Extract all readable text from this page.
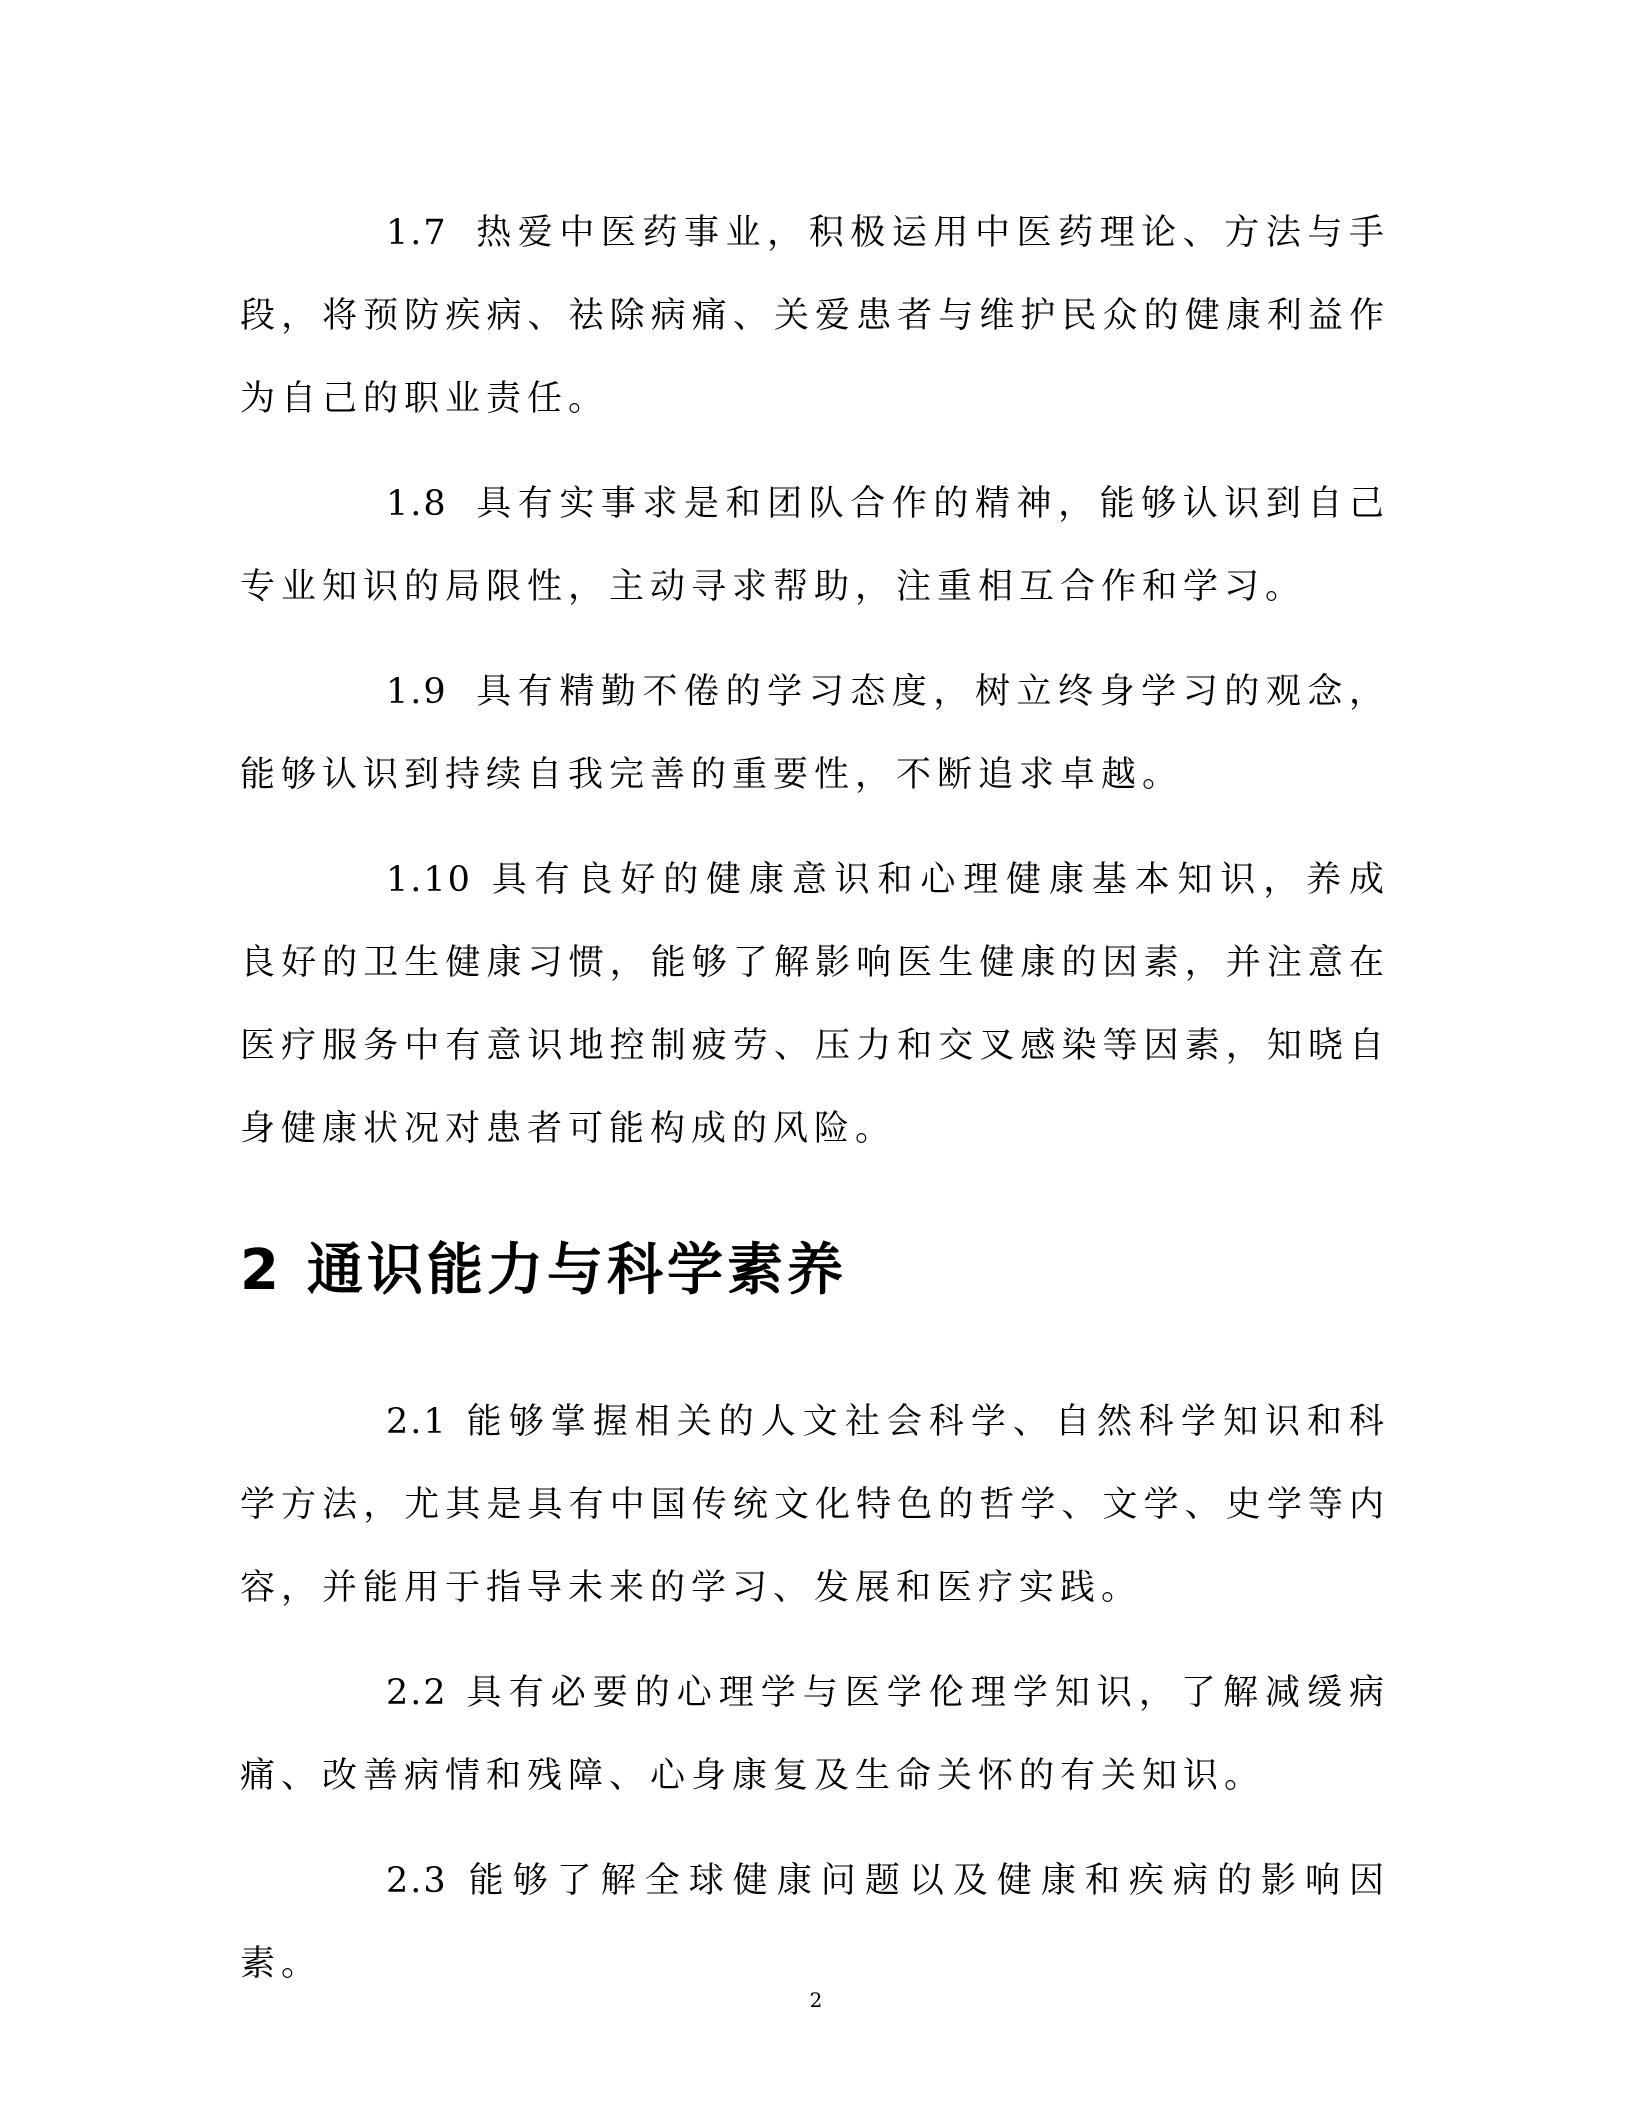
1.7 热爱中医药事业，积极运用中医药理论、方法与手段，将预防疾病、祛除病痛、关爱患者与维护民众的健康利益作为自己的职业责任。

1.8 具有实事求是和团队合作的精神，能够认识到自己专业知识的局限性，主动寻求帮助，注重相互合作和学习。

1.9 具有精勤不倦的学习态度，树立终身学习的观念，能够认识到持续自我完善的重要性，不断追求卓越。

1.10 具有良好的健康意识和心理健康基本知识，养成良好的卫生健康习惯，能够了解影响医生健康的因素，并注意在医疗服务中有意识地控制疲劳、压力和交叉感染等因素，知晓自身健康状况对患者可能构成的风险。

2 通识能力与科学素养

2.1 能够掌握相关的人文社会科学、自然科学知识和科学方法，尤其是具有中国传统文化特色的哲学、文学、史学等内容，并能用于指导未来的学习、发展和医疗实践。

2.2 具有必要的心理学与医学伦理学知识，了解减缓病痛、改善病情和残障、心身康复及生命关怀的有关知识。

2.3 能够了解全球健康问题以及健康和疾病的影响因素。

2
